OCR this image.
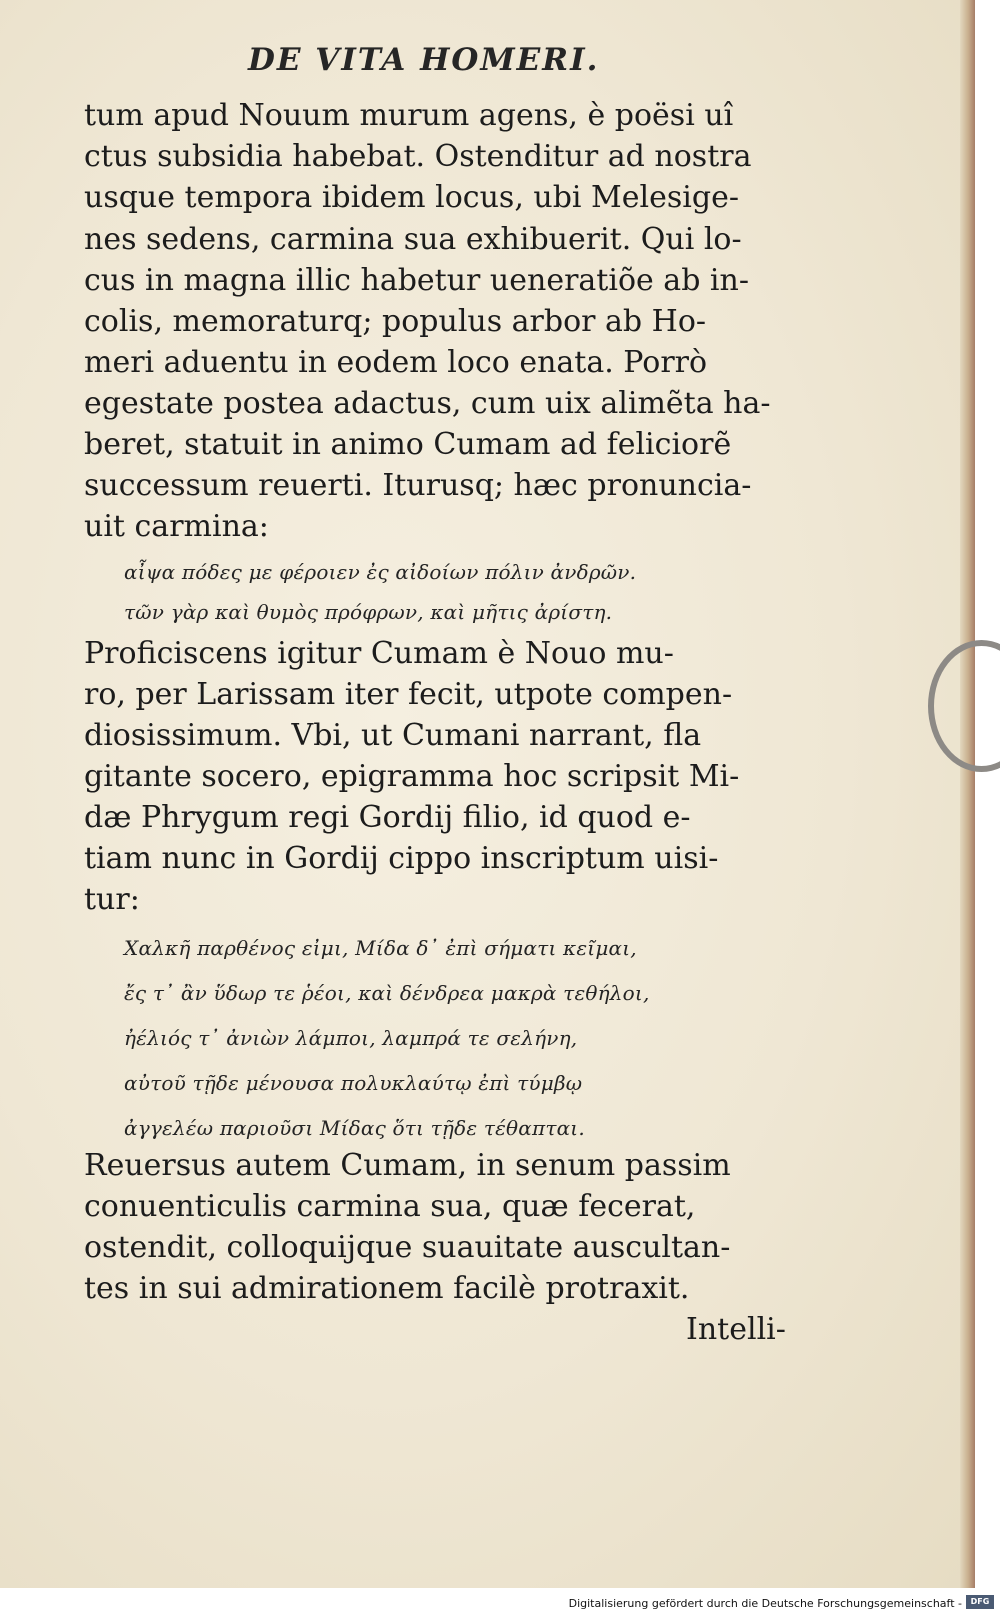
DE VITA HOMERI.
tum apud Nouum murum agens, è poësi uî
ctus subsidia habebat. Ostenditur ad nostra
usque tempora ibidem locus, ubi Melesige-
nes sedens, carmina sua exhibuerit. Qui lo-
cus in magna illic habetur ueneratiõe ab in-
colis, memoraturq; populus arbor ab Ho-
meri aduentu in eodem loco enata. Porrò
egestate postea adactus, cum uix alimẽta ha-
beret, statuit in animo Cumam ad feliciorẽ
successum reuerti. Iturusq; hæc pronuncia-
uit carmina:
αἶψα πόδες με φέροιεν ἐς αἰδοίων πόλιν ἀνδρῶν.
τῶν γὰρ καὶ θυμὸς πρόφρων, καὶ μῆτις ἀρίστη.
Proficiscens igitur Cumam è Nouo mu-
ro, per Larissam iter fecit, utpote compen-
diosissimum. Vbi, ut Cumani narrant, fla
gitante socero, epigramma hoc scripsit Mi-
dæ Phrygum regi Gordij filio, id quod e-
tiam nunc in Gordij cippo inscriptum uisi-
tur:
Χαλκῆ παρθένος εἰμι, Μίδα δ᾽ ἐπὶ σήματι κεῖμαι,
ἔς τ᾽ ἂν ὕδωρ τε ῥέοι, καὶ δένδρεα μακρὰ τεθήλοι,
ἠέλιός τ᾽ ἀνιὼν λάμποι, λαμπρά τε σελήνη,
αὐτοῦ τῇδε μένουσα πολυκλαύτῳ ἐπὶ τύμβῳ
ἀγγελέω παριοῦσι Μίδας ὅτι τῇδε τέθαπται.
Reuersus autem Cumam, in senum passim
conuenticulis carmina sua, quæ fecerat,
ostendit, colloquijque suauitate auscultan-
tes in sui admirationem facilè protraxit.
Intelli-
Digitalisierung gefördert durch die Deutsche Forschungsgemeinschaft -	DFG
